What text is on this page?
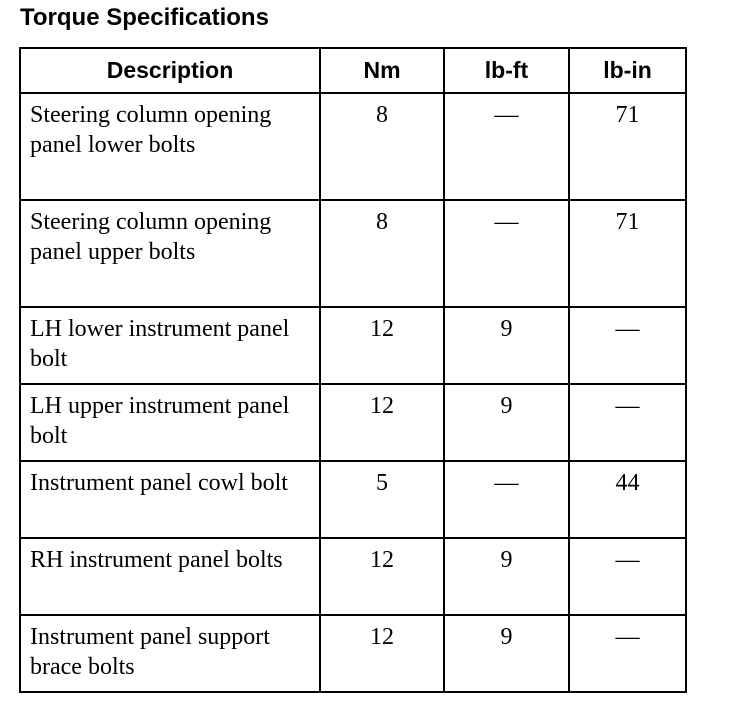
Torque Specifications
Description	Nm	lb-ft	lb-in
Steering column opening panel lower bolts	8	—	71
Steering column opening panel upper bolts	8	—	71
LH lower instrument panel bolt	12	9	—
LH upper instrument panel bolt	12	9	—
Instrument panel cowl bolt	5	—	44
RH instrument panel bolts	12	9	—
Instrument panel support brace bolts	12	9	—
